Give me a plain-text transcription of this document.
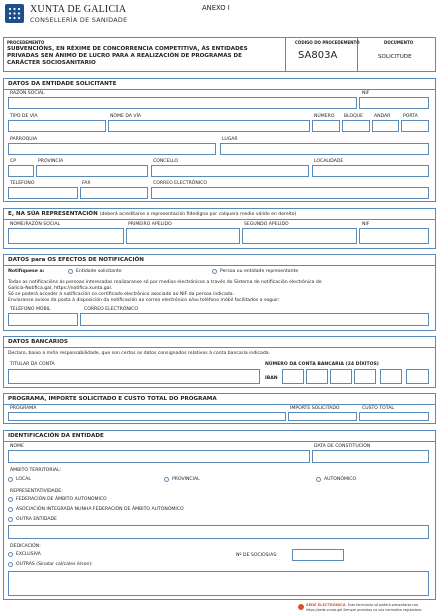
XUNTA DE GALICIA
CONSELLERÍA DE SANIDADE
ANEXO I
PROCEDEMENTO
SUBVENCIÓNS, EN RÉXIME DE CONCORRENCIA COMPETITIVA, ÁS ENTIDADES
PRIVADAS SEN ÁNIMO DE LUCRO PARA A REALIZACIÓN DE PROGRAMAS DE
CARÁCTER SOCIOSANITARIO
CÓDIGO DO PROCEDEMENTO
SA803A
DOCUMENTO
SOLICITUDE
DATOS DA ENTIDADE SOLICITANTE
RAZÓN SOCIAL	NIF
TIPO DE VÍA	NOME DA VÍA	NÚMERO BLOQUE ANDAR	PORTA
PARROQUIA	LUGAR
CP	PROVINCIA	CONCELLO	LOCALIDADE
TELÉFONO	FAX	CORREO ELECTRÓNICO
E, NA SÚA REPRESENTACIÓN (deberá acreditarse a representación fidedigna por calquera medio válido en dereito)
NOME/RAZÓN SOCIAL	PRIMEIRO APELIDO	SEGUNDO APELIDO	NIF
DATOS para OS EFECTOS DE NOTIFICACIÓN
Notifíquese a:	Entidade solicitante	Persoa ou entidade representante
Todas as notificacións ás persoas interesadas realizaranse só por medios electrónicos a través do Sistema de notificación electrónica de
Galicia-Notifica.gal, https://notifica.xunta.gal.
Só se poderá acceder á notificación co certificado electrónico asociado ao NIF da persoa indicada.
Enviaranse avisos da posta á disposición da notificación ao correo electrónico e/ou teléfono móbil facilitados a seguir:
TELÉFONO MÓBIL	CORREO ELECTRÓNICO
DATOS BANCARIOS
Declaro, baixo a miña responsabilidade, que son certos os datos consignados relativos á conta bancaria indicada.
TITULAR DA CONTA	NÚMERO DA CONTA BANCARIA (24 DÍXITOS)
IBAN
PROGRAMA, IMPORTE SOLICITADO E CUSTO TOTAL DO PROGRAMA
PROGRAMA	IMPORTE SOLICITADO	CUSTO TOTAL
IDENTIFICACIÓN DA ENTIDADE
NOME	DATA DE CONSTITUCIÓN
ÁMBITO TERRITORIAL:
LOCAL	PROVINCIAL	AUTONÓMICO
REPRESENTATIVIDADE:
FEDERACIÓN DE ÁMBITO AUTONÓMICO
ASOCIACIÓN INTEGRADA NUNHA FEDERACIÓN DE ÁMBITO AUTONÓMICO
OUTRA ENTIDADE
DEDICACIÓN:
EXCLUSIVA	Nº DE SOCIOS/AS:
OUTRAS (Sinalar cal/cales é/son):
SEDE ELECTRÓNICA Este formulario só poderá presentarse nos
https://sede.xunta.gal Sempre previstos na súa normativa reguladora.
